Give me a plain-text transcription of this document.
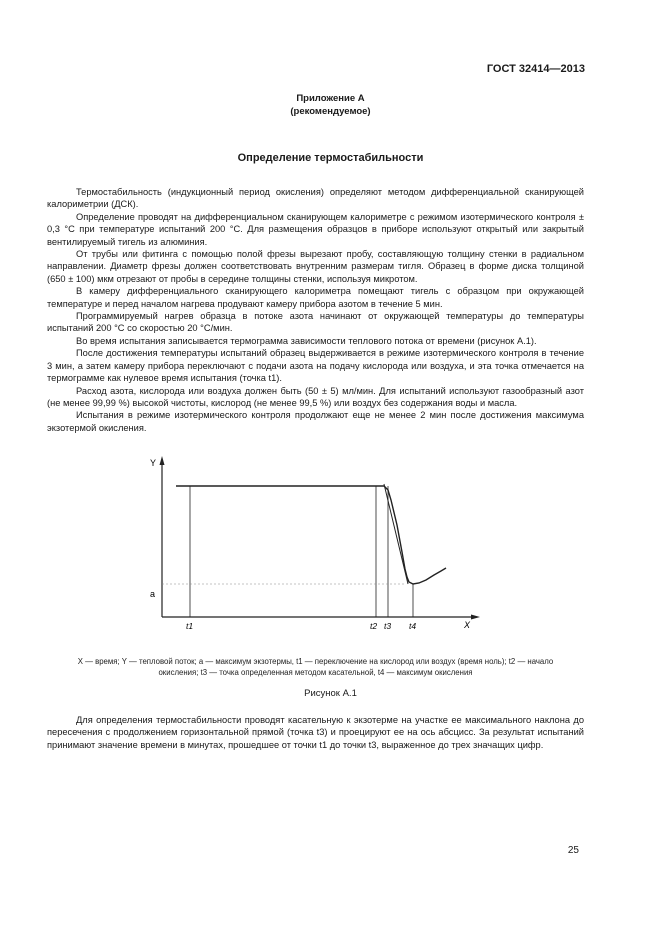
ГОСТ 32414—2013
Приложение А
(рекомендуемое)
Определение термостабильности

Термостабильность (индукционный период окисления) определяют методом дифференциальной сканирующей калориметрии (ДСК).

Определение проводят на дифференциальном сканирующем калориметре с режимом изотермического контроля ± 0,3 °С при температуре испытаний 200 °С. Для размещения образцов в приборе используют открытый или закрытый вентилируемый тигель из алюминия.

От трубы или фитинга с помощью полой фрезы вырезают пробу, составляющую толщину стенки в радиальном направлении. Диаметр фрезы должен соответствовать внутренним размерам тигля. Образец в форме диска толщиной (650 ± 100) мкм отрезают от пробы в середине толщины стенки, используя микротом.

В камеру дифференциального сканирующего калориметра помещают тигель с образцом при окружающей температуре и перед началом нагрева продувают камеру прибора азотом в течение 5 мин.

Программируемый нагрев образца в потоке азота начинают от окружающей температуры до температуры испытаний 200 °С со скоростью 20 °С/мин.

Во время испытания записывается термограмма зависимости теплового потока от времени (рисунок А.1).

После достижения температуры испытаний образец выдерживается в режиме изотермического контроля в течение 3 мин, а затем камеру прибора переключают с подачи азота на подачу кислорода или воздуха, и эта точка отмечается на термограмме как нулевое время испытания (точка t1).

Расход азота, кислорода или воздуха должен быть (50 ± 5) мл/мин. Для испытаний используют газообразный азот (не менее 99,99 %) высокой чистоты, кислород (не менее 99,5 %) или воздух без содержания воды и масла.

Испытания в режиме изотермического контроля продолжают еще не менее 2 мин после достижения максимума экзотермой окисления.

Y
X
a
t1	t2 t3 t4
X — время; Y — тепловой поток; а — максимум экзотермы, t1 — переключение на кислород или воздух (время ноль); t2 — начало
окисления; t3 — точка определенная методом касательной, t4 — максимум окисления
Рисунок А.1

Для определения термостабильности проводят касательную к экзотерме на участке ее максимального наклона до пересечения с продолжением горизонтальной прямой (точка t3) и проецируют ее на ось абсцисс. За результат испытаний принимают значение времени в минутах, прошедшее от точки t1 до точки t3, выраженное до трех значащих цифр.

25
